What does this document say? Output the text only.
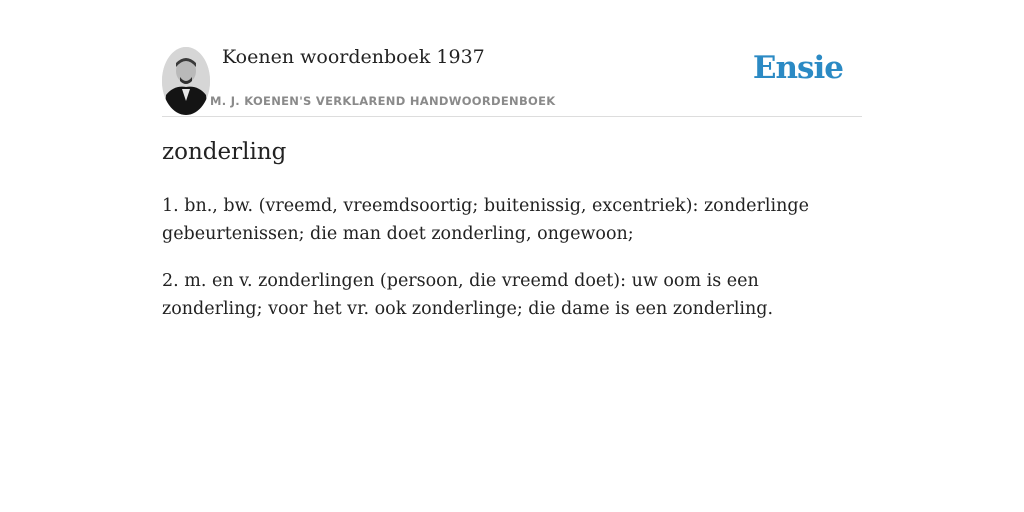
Koenen woordenboek 1937
M. J. KOENEN'S VERKLAREND HANDWOORDENBOEK
Ensie
zonderling

1. bn., bw. (vreemd, vreemdsoortig; buitenissig, excentriek): zonderlinge gebeurtenissen; die man doet zonderling, ongewoon;

2. m. en v. zonderlingen (persoon, die vreemd doet): uw oom is een zonderling; voor het vr. ook zonderlinge; die dame is een zonderling.
